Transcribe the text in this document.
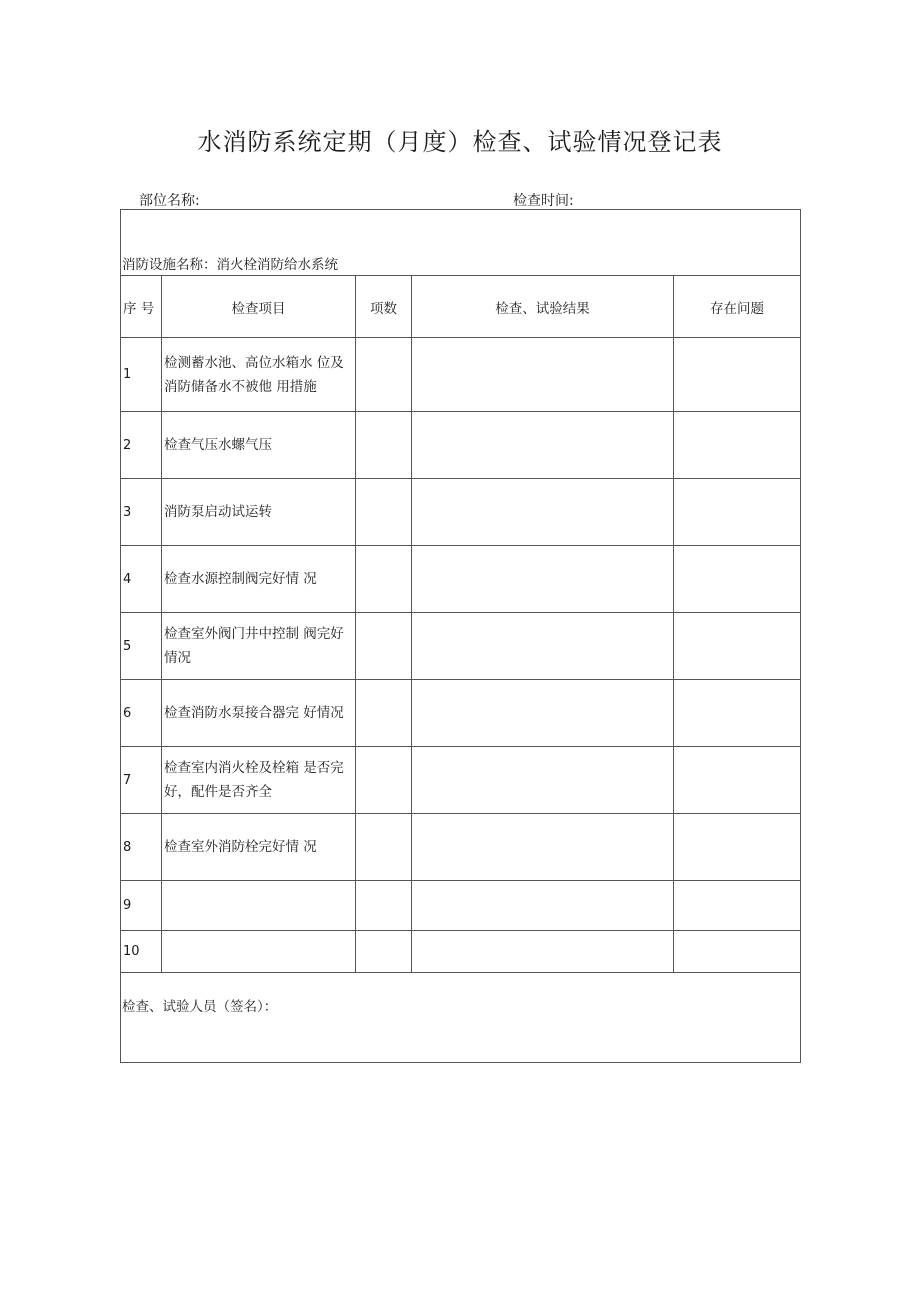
水消防系统定期（月度）检查、试验情况登记表
部位名称:	检查时间:
消防设施名称：消火栓消防给水系统				
序 号	检查项目	项数	检查、试验结果	存在问题
1	检测蓄水池、高位水箱水 位及消防储备水不被他 用措施			
2	检查气压水螺气压			
3	消防泵启动试运转			
4	检查水源控制阀完好情 况			
5	检查室外阀门井中控制 阀完好情况			
6	检查消防水泵接合器完 好情况			
7	检查室内消火栓及栓箱 是否完好，配件是否齐全			
8	检查室外消防栓完好情 况			
9				
10				
检查、试验人员（签名）：				
